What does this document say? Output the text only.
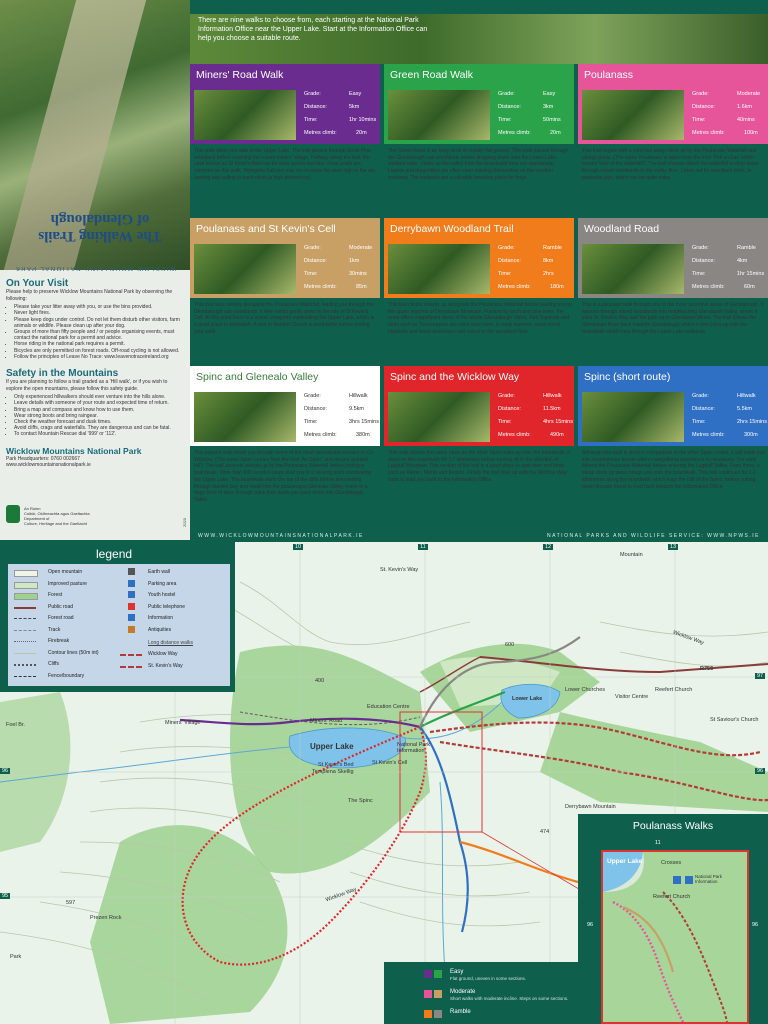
The Walking Trails
of Glendalough
WICKLOW MOUNTAINS NATIONAL PARK
On Your Visit

Please help to preserve Wicklow Mountains National Park by observing the following:

• Please take your litter away with you, or use the bins provided.
• Never light fires.
• Please keep dogs under control. Do not let them disturb other visitors, farm animals or wildlife. Please clean up after your dog.
• Groups of more than fifty people and / or people organising events, must contact the national park for a permit and advice.
• Horse riding in the national park requires a permit.
• Bicycles are only permitted on forest roads. Off-road cycling is not allowed.
• Follow the principles of Leave No Trace: www.leavenotraceireland.org
Safety in the Mountains

If you are planning to follow a trail graded as a 'Hill walk', or if you wish to explore the open mountains, please follow this safety guide.

• Only experienced hillwalkers should ever venture into the hills alone.
• Leave details with someone of your route and expected time of return.
• Bring a map and compass and know how to use them.
• Wear strong boots and bring raingear.
• Check the weather forecast and dusk times.
• Avoid cliffs, crags and waterfalls. They are dangerous and can be fatal.
• To contact Mountain Rescue dial '999' or '112'.
Wicklow Mountains National Park

Park Headquarters: 0760 002667

www.wicklowmountainsnationalpark.ie

An Roinn

Cultúir, Oidhreachta agus Gaeltachta

Department of

Culture, Heritage and the Gaeltacht	2020

There are nine walks to choose from, each starting at the National Park Information Office near the Upper Lake. Start at the Information Office can help you choose a suitable route.

Miners' Road Walk
Grade:	Easy
Distance:	5km
Time:	1hr 10mins
Metres climb:	20m

This walk skirts one side of the Upper Lake. The trail passes through Scots Pine woodland before reaching the ruined miners' village. Halfway along the trail, the cave known as St Kevin's Bed can be seen across the lake. Feral goats are common on this walk. Peregrine Falcons may on occasion be seen high in the sky soaring and calling to each other (a high-pitched cry).

Green Road Walk
Grade:	Easy
Distance:	3km
Time:	50mins
Metres climb:	20m

The Green Road is an easy stroll on mostly flat ground. This walk passes through the Glendalough oak woodlands before dropping down onto the Lower Lake wetland edge. Views up the valley from the boardwalk here are spectacular. Lizards and dragonflies are often seen sunning themselves on the wooden trackway. The wetlands are a valuable breeding place for frogs.

Poulanass
Grade:	Moderate
Distance:	1.6km
Time:	40mins
Metres climb:	100m

This trail begins with a short but steep climb up by the Poulanass Waterfall and plunge pools. (The name Poulanass is taken from the Irish 'Poll an Eas' which means 'hole of the waterfall'). The trail crosses above the waterfall to drop down through mixed woodlands to the valley floor. Listen out for woodland birds, in particular jays, which can be quite noisy.

Poulanass and St Kevin's Cell
Grade:	Moderate
Distance:	1km
Time:	30mins
Metres climb:	85m

This trail rises steeply alongside the Poulanass Waterfall, leading you through the Glendalough oak woodlands. It then winds gently down to the site of St Kevin's Cell. At this point there is a scenic viewpoint overlooking the Upper Lake, which is a good place to birdwatch. A visit to Reefert Church is worthwhile before ending your walk.

Derrybawn Woodland Trail
Grade:	Ramble
Distance:	8km
Time:	2hrs
Metres climb:	180m

This trail climbs steeply up alongside the Poulanass Waterfall before leading you to the upper reaches of Derrybawn Mountain. Flanked by larch and pine trees, the route offers magnificent views of the whole Glendalough Valley. Red Squirrels and birds such as Treecreepers are often seen here. In early summer, wood sorrel, bluebells and wood anemones add colour to the woodland floor.

Woodland Road
Grade:	Ramble
Distance:	4km
Time:	1hr 15mins
Metres climb:	60m

This is a pleasant walk through one of the more secretive areas of Glendalough. It weaves through mixed woodlands into neighbouring Glendasan Valley, where it joins St. Kevin's Way and the path up to Glendasan Mines. The trail follows the Glendasan River back towards Glendalough where it then joins up with the boardwalk which runs through the Lower Lake wetlands.

Spinc and Glenealo Valley
Grade:	Hillwalk
Distance:	9.5km
Time:	3hrs 15mins
Metres climb:	380m

This popular walk leads you through some of the most spectacular scenery in Co Wicklow. (The name Spinc comes from the Irish 'An Spinc' and means 'pointed hill'). The trail ascends steeply up by the Poulanass Waterfall before joining a boardwalk. More than 600 wooden steps lead you to a viewing point overlooking the Upper Lake. The boardwalk skirts the top of the cliffs before descending through blanket bog and heath into the picturesque Glenealo Valley, home to a large herd of deer. A rough track then leads you back down into Glendalough Valley.

Spinc and the Wicklow Way
Grade:	Hillwalk
Distance:	11.5km
Time:	4hrs 15mins
Metres climb:	490m

This walk follows the same route as the other Spinc trails up onto the boardwalk. It stays on this boardwalk for 1.7 kilometres before turning off in the direction of Lugduff Mountain. This section of the trail is a good place to spot deer and birds such as Raven, Merlin and Kestrel. Finally the trail links up with the Wicklow Way track to lead you back to the Information Office.

Spinc (short route)
Grade:	Hillwalk
Distance:	5.5km
Time:	2hrs 15mins
Metres climb:	300m

Although this walk is short in comparison to the other Spinc routes, it still leads you into mountainous terrain where navigational experience is necessary. The walk follows the Poulanass Waterfall before entering the Lugduff Valley. From there, a steep climb up steps brings you onto the boardwalk. This trail continues for 1.2 kilometres along the boardwalk which hugs the cliff of the Spinc, before cutting down through forest to lead back towards the Information Office.

WWW.WICKLOWMOUNTAINSNATIONALPARK.IE	NATIONAL PARKS AND WILDLIFE SERVICE: WWW.NPWS.IE
10	11	12	13
96
95
97
96
Upper Lake
Lower Lake
Education Centre
Miners' Road
Miners' Village
St Kevin's Bed
Templena Skellig
St Kevin's Cell
National Park Information
The Spinc
Derrybawn Mountain
Prezen Rock
Foel Br.
Wicklow Way
Wicklow Way
St. Kevin's Way
St Saviour's Church
Visitor Centre
Mountain
R756
400
600
474
597
Park
Lower Churches	Reefert Church
legend
Open mountain
Improved pasture
Forest
Public road
Forest road
Track
Firebreak
Contour lines (50m int)
Cliffs
Fence/boundary
Earth wall
Parking area
Youth hostel
Public telephone
Information
Antiquities
Long distance walks
Wicklow Way
St. Kevin's Way
Poulanass Walks
11
96	96
Upper Lake	Crosses
Reefert Church
National Park Information
Easy
Flat ground, uneven in some sections.
Moderate
Short walks with moderate incline. Steps on some sections.
Ramble
